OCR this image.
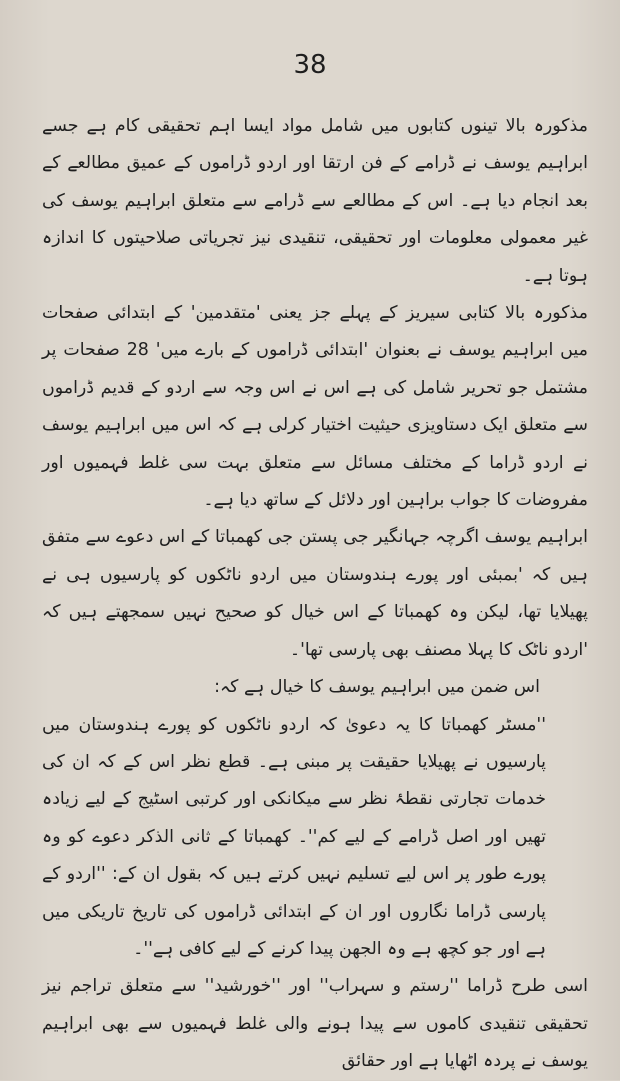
38

مذکورہ بالا تینوں کتابوں میں شامل مواد ایسا اہم تحقیقی کام ہے جسے ابراہیم یوسف نے ڈرامے کے فن ارتقا اور اردو ڈراموں کے عمیق مطالعے کے بعد انجام دیا ہے۔ اس کے مطالعے سے ڈرامے سے متعلق ابراہیم یوسف کی غیر معمولی معلومات اور تحقیقی، تنقیدی نیز تجریاتی صلاحیتوں کا اندازہ ہوتا ہے۔

مذکورہ بالا کتابی سیریز کے پہلے جز یعنی 'متقدمین' کے ابتدائی صفحات میں ابراہیم یوسف نے بعنوان 'ابتدائی ڈراموں کے بارے میں' 28 صفحات پر مشتمل جو تحریر شامل کی ہے اس نے اس وجہ سے اردو کے قدیم ڈراموں سے متعلق ایک دستاویزی حیثیت اختیار کرلی ہے کہ اس میں ابراہیم یوسف نے اردو ڈراما کے مختلف مسائل سے متعلق بہت سی غلط فہمیوں اور مفروضات کا جواب براہین اور دلائل کے ساتھ دیا ہے۔

ابراہیم یوسف اگرچہ جہانگیر جی پستن جی کھمباتا کے اس دعوے سے متفق ہیں کہ 'بمبئی اور پورے ہندوستان میں اردو ناٹکوں کو پارسیوں ہی نے پھیلایا تھا، لیکن وہ کھمباتا کے اس خیال کو صحیح نہیں سمجھتے ہیں کہ 'اردو ناٹک کا پہلا مصنف بھی پارسی تھا'۔

اس ضمن میں ابراہیم یوسف کا خیال ہے کہ:

''مسٹر کھمباتا کا یہ دعویٰ کہ اردو ناٹکوں کو پورے ہندوستان میں پارسیوں نے پھیلایا حقیقت پر مبنی ہے۔ قطع نظر اس کے کہ ان کی خدمات تجارتی نقطۂ نظر سے میکانکی اور کرتبی اسٹیج کے لیے زیادہ تھیں اور اصل ڈرامے کے لیے کم''۔ کھمباتا کے ثانی الذکر دعوے کو وہ پورے طور پر اس لیے تسلیم نہیں کرتے ہیں کہ بقول ان کے: ''اردو کے پارسی ڈراما نگاروں اور ان کے ابتدائی ڈراموں کی تاریخ تاریکی میں ہے اور جو کچھ ہے وہ الجھن پیدا کرنے کے لیے کافی ہے''۔

اسی طرح ڈراما ''رستم و سہراب'' اور ''خورشید'' سے متعلق تراجم نیز تحقیقی تنقیدی کاموں سے پیدا ہونے والی غلط فہمیوں سے بھی ابراہیم یوسف نے پردہ اٹھایا ہے اور حقائق
